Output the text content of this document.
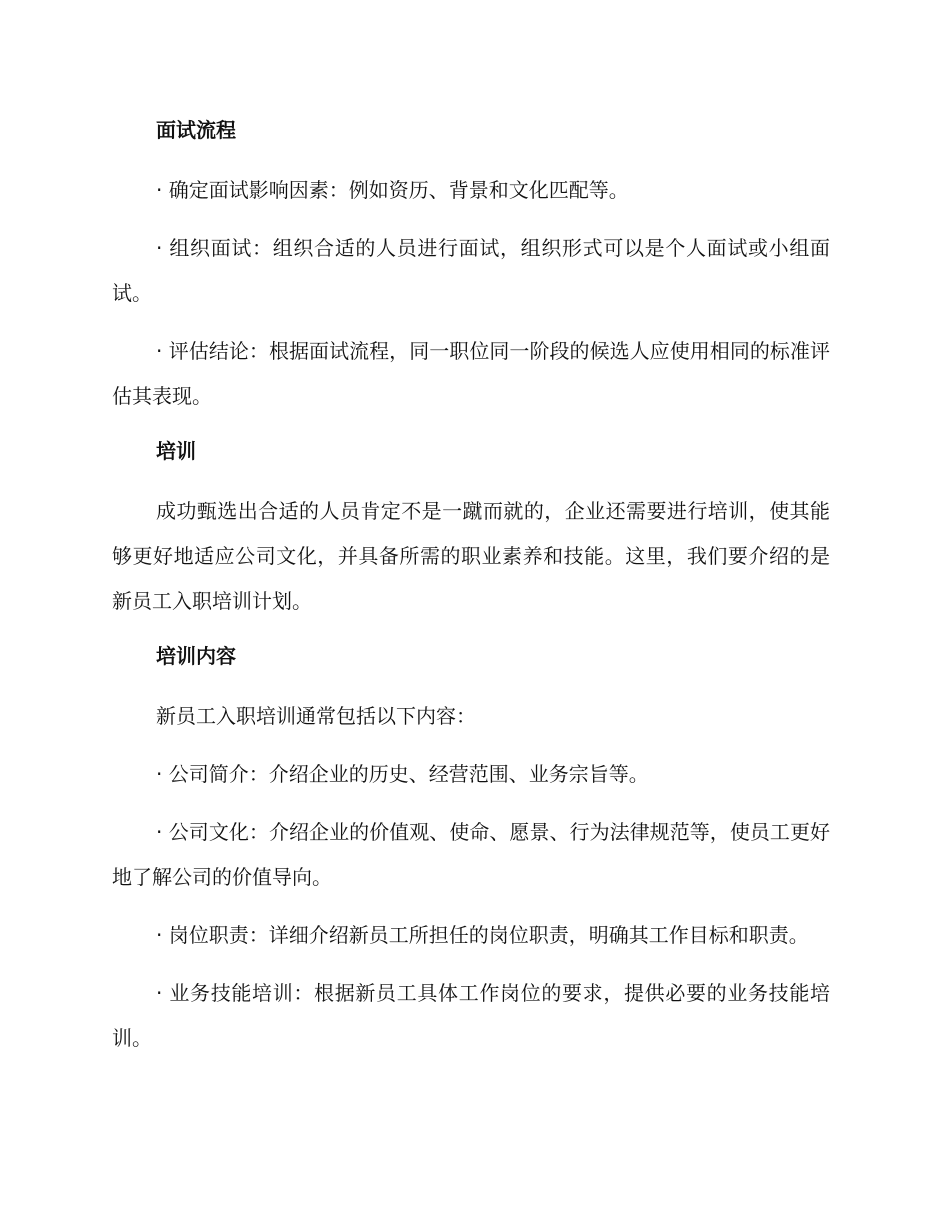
面试流程
· 确定面试影响因素：例如资历、背景和文化匹配等。
· 组织面试：组织合适的人员进行面试，组织形式可以是个人面试或小组面试。
· 评估结论：根据面试流程，同一职位同一阶段的候选人应使用相同的标准评估其表现。
培训
成功甄选出合适的人员肯定不是一蹴而就的，企业还需要进行培训，使其能够更好地适应公司文化，并具备所需的职业素养和技能。这里，我们要介绍的是新员工入职培训计划。
培训内容
新员工入职培训通常包括以下内容：
· 公司简介：介绍企业的历史、经营范围、业务宗旨等。
· 公司文化：介绍企业的价值观、使命、愿景、行为法律规范等，使员工更好地了解公司的价值导向。
· 岗位职责：详细介绍新员工所担任的岗位职责，明确其工作目标和职责。
· 业务技能培训：根据新员工具体工作岗位的要求，提供必要的业务技能培训。
